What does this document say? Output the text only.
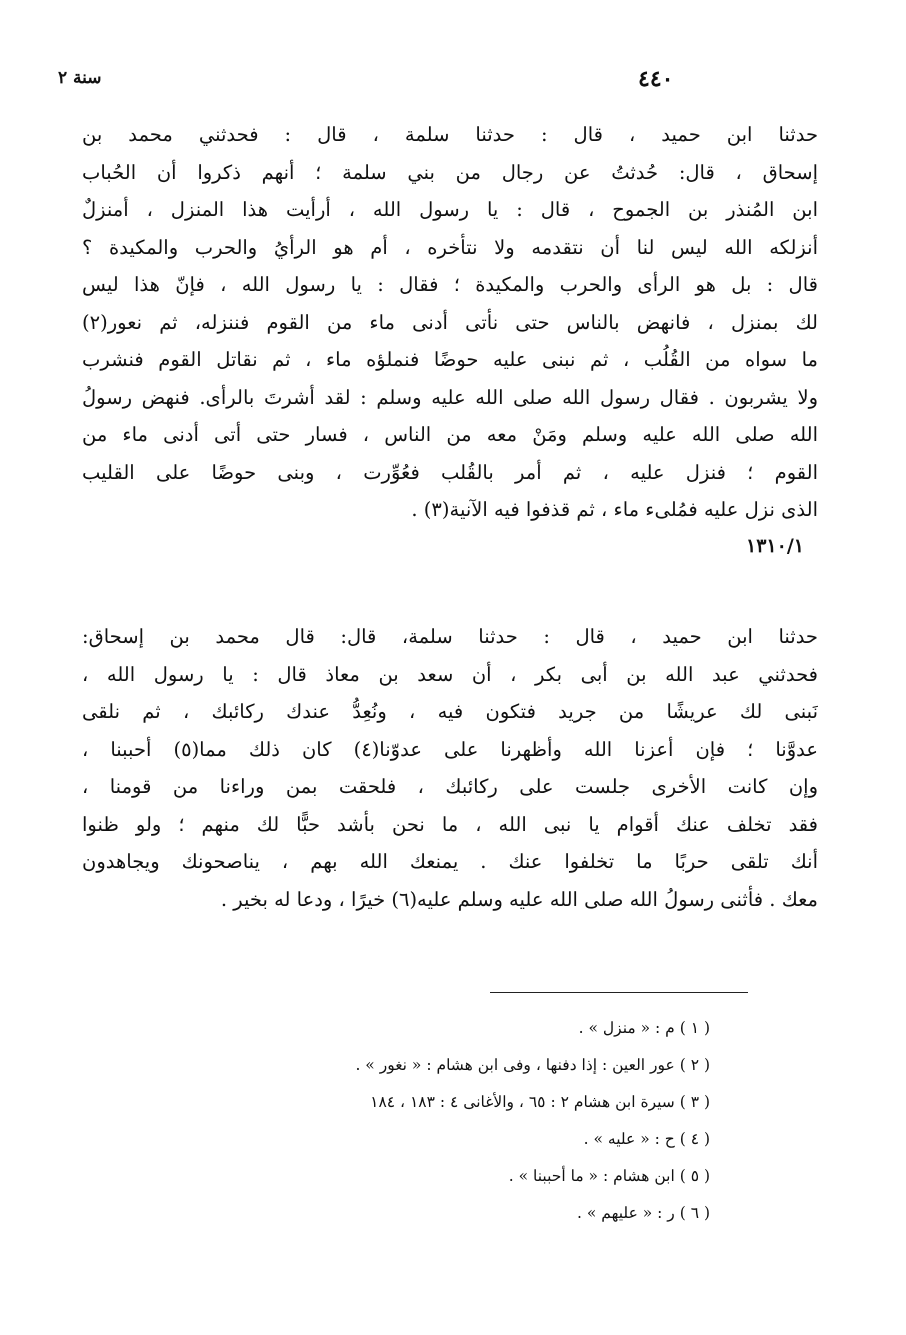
٤٤٠
سنة ٢
حدثنا ابن حميد ، قال : حدثنا سلمة ، قال : فحدثني محمد بن
إسحاق ، قال: حُدثتُ عن رجال من بني سلمة ؛ أنهم ذكروا أن الحُباب
ابن المُنذر بن الجموح ، قال : يا رسول الله ، أرأيت هذا المنزل ، أمنزلٌ
أنزلكه الله ليس لنا أن نتقدمه ولا نتأخره ، أم هو الرأيُ والحرب والمكيدة ؟
قال : بل هو الرأى والحرب والمكيدة ؛ فقال : يا رسول الله ، فإنّ هذا ليس
لك بمنزل ، فانهض بالناس حتى نأتى أدنى ماء من القوم فننزله، ثم نعور(٢)
ما سواه من القُلُب ، ثم نبنى عليه حوضًا فنملؤه ماء ، ثم نقاتل القوم فنشرب
ولا يشربون . فقال رسول الله صلى الله عليه وسلم : لقد أشرتَ بالرأى. فنهض رسولُ
الله صلى الله عليه وسلم ومَنْ معه من الناس ، فسار حتى أتى أدنى ماء من
القوم ؛ فنزل عليه ، ثم أمر بالقُلب فعُوِّرت ، وبنى حوضًا على القليب
الذى نزل عليه فمُلىء ماء ، ثم قذفوا فيه الآنية(٣) .
١٣١٠/١
حدثنا ابن حميد ، قال : حدثنا سلمة، قال: قال محمد بن إسحاق:
فحدثني عبد الله بن أبى بكر ، أن سعد بن معاذ قال : يا رسول الله ،
نَبنى لك عريشًا من جريد فتكون فيه ، ونُعِدُّ عندك ركائبك ، ثم نلقى
عدوَّنا ؛ فإن أعزنا الله وأظهرنا على عدوّنا(٤) كان ذلك مما(٥) أحببنا ،
وإن كانت الأخرى جلست على ركائبك ، فلحقت بمن وراءنا من قومنا ،
فقد تخلف عنك أقوام يا نبى الله ، ما نحن بأشد حبًّا لك منهم ؛ ولو ظنوا
أنك تلقى حربًا ما تخلفوا عنك . يمنعك الله بهم ، يناصحونك ويجاهدون
معك . فأثنى رسولُ الله صلى الله عليه وسلم عليه(٦) خيرًا ، ودعا له بخير .
( ١ ) م : « منزل » .
( ٢ ) عور العين : إذا دفنها ، وفى ابن هشام : « نغور » .
( ٣ ) سيرة ابن هشام ٢ : ٦٥ ، والأغانى ٤ : ١٨٣ ، ١٨٤
( ٤ ) ح : « عليه » .
( ٥ ) ابن هشام : « ما أحببنا » .
( ٦ ) ر : « عليهم » .
